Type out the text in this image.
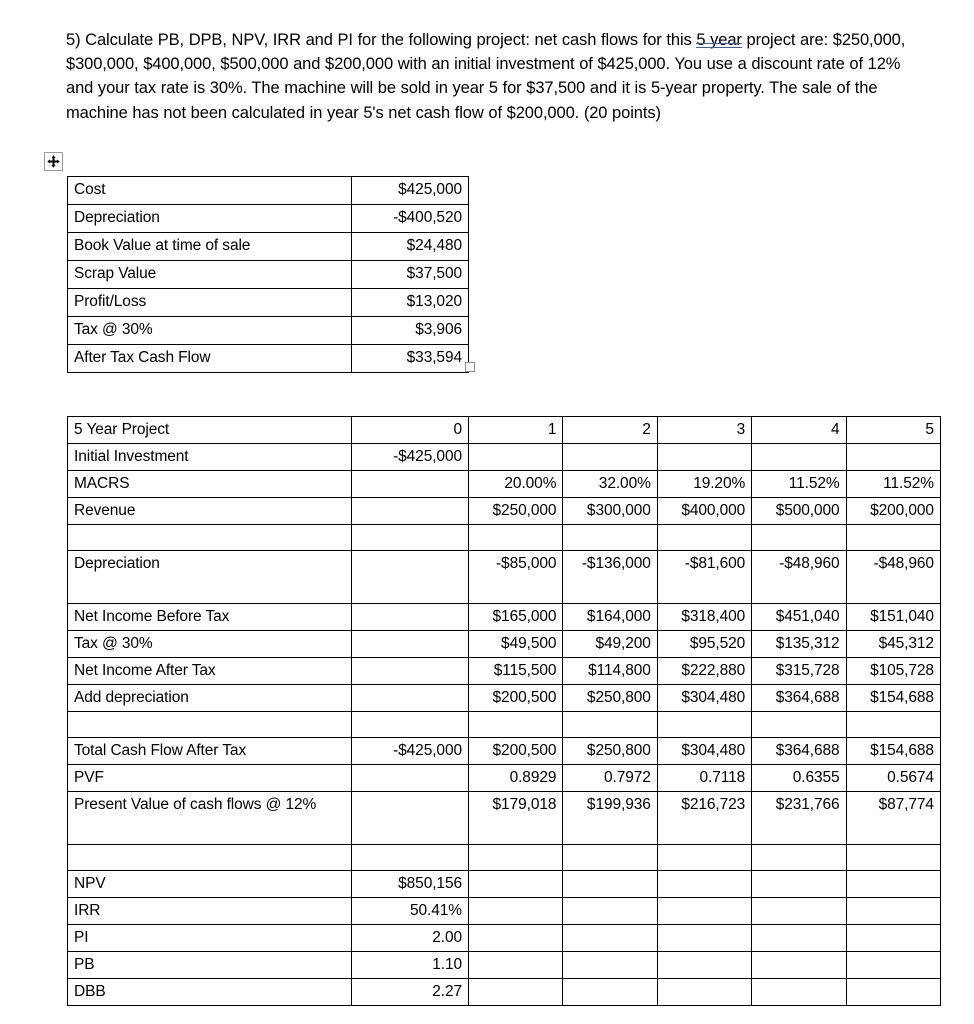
5) Calculate PB, DPB, NPV, IRR and PI for the following project: net cash flows for this 5 year project are: $250,000, $300,000, $400,000, $500,000 and $200,000 with an initial investment of $425,000. You use a discount rate of 12% and your tax rate is 30%. The machine will be sold in year 5 for $37,500 and it is 5-year property. The sale of the machine has not been calculated in year 5's net cash flow of $200,000. (20 points)
Cost	$425,000
Depreciation	-$400,520
Book Value at time of sale	$24,480
Scrap Value	$37,500
Profit/Loss	$13,020
Tax @ 30%	$3,906
After Tax Cash Flow	$33,594
5 Year Project	0	1	2	3	4	5
Initial Investment	-$425,000					
MACRS		20.00%	32.00%	19.20%	11.52%	11.52%
Revenue		$250,000	$300,000	$400,000	$500,000	$200,000

Depreciation		-$85,000	-$136,000	-$81,600	-$48,960	-$48,960
Net Income Before Tax		$165,000	$164,000	$318,400	$451,040	$151,040
Tax @ 30%		$49,500	$49,200	$95,520	$135,312	$45,312
Net Income After Tax		$115,500	$114,800	$222,880	$315,728	$105,728
Add depreciation		$200,500	$250,800	$304,480	$364,688	$154,688

Total Cash Flow After Tax	-$425,000	$200,500	$250,800	$304,480	$364,688	$154,688
PVF		0.8929	0.7972	0.7118	0.6355	0.5674
Present Value of cash flows @ 12%		$179,018	$199,936	$216,723	$231,766	$87,774

NPV	$850,156					
IRR	50.41%					
PI	2.00					
PB	1.10					
DBB	2.27					
